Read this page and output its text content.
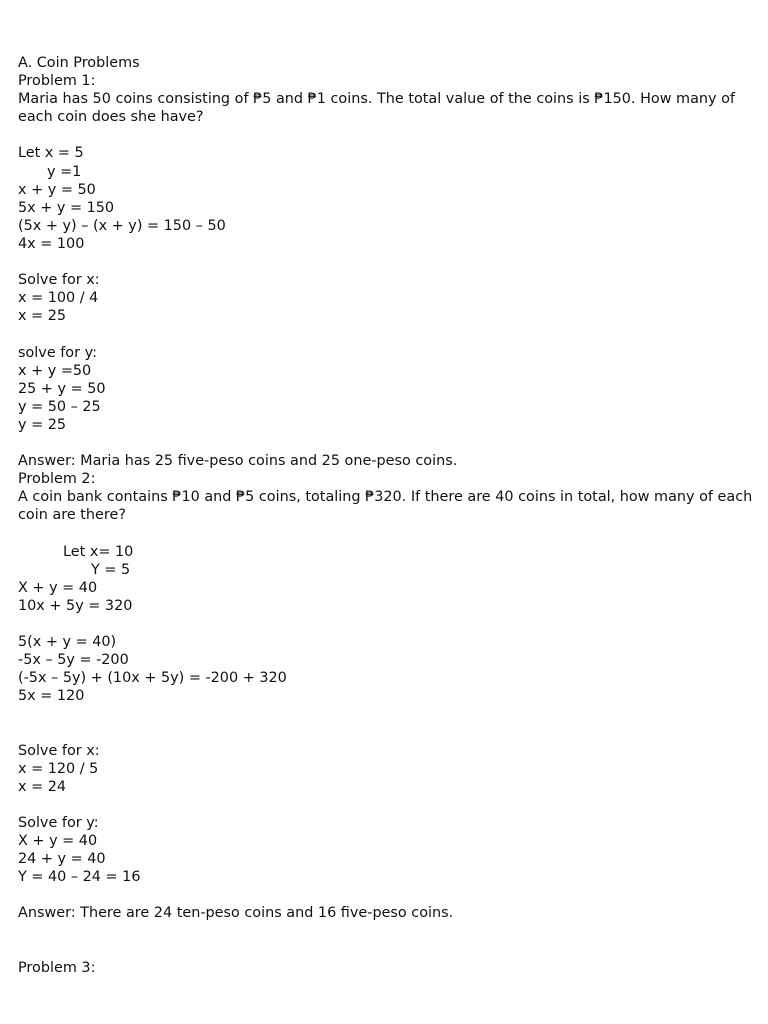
A. Coin Problems
Problem 1:
Maria has 50 coins consisting of ₱5 and ₱1 coins. The total value of the coins is ₱150. How many of each coin does she have?
Let x = 5
y =1
x + y = 50
5x + y = 150
(5x + y) – (x + y) = 150 – 50
4x = 100
Solve for x:
x = 100 / 4
x = 25
solve for y:
x + y =50
25 + y = 50
y = 50 – 25
y = 25
Answer: Maria has 25 five-peso coins and 25 one-peso coins.
Problem 2:
A coin bank contains ₱10 and ₱5 coins, totaling ₱320. If there are 40 coins in total, how many of each coin are there?
Let x= 10
Y = 5
X + y = 40
10x + 5y = 320
5(x + y = 40)
-5x – 5y = -200
(-5x – 5y) + (10x + 5y) = -200 + 320
5x = 120
Solve for x:
x = 120 / 5
x = 24
Solve for y:
X + y = 40
24 + y = 40
Y = 40 – 24 = 16
Answer: There are 24 ten-peso coins and 16 five-peso coins.
Problem 3:
